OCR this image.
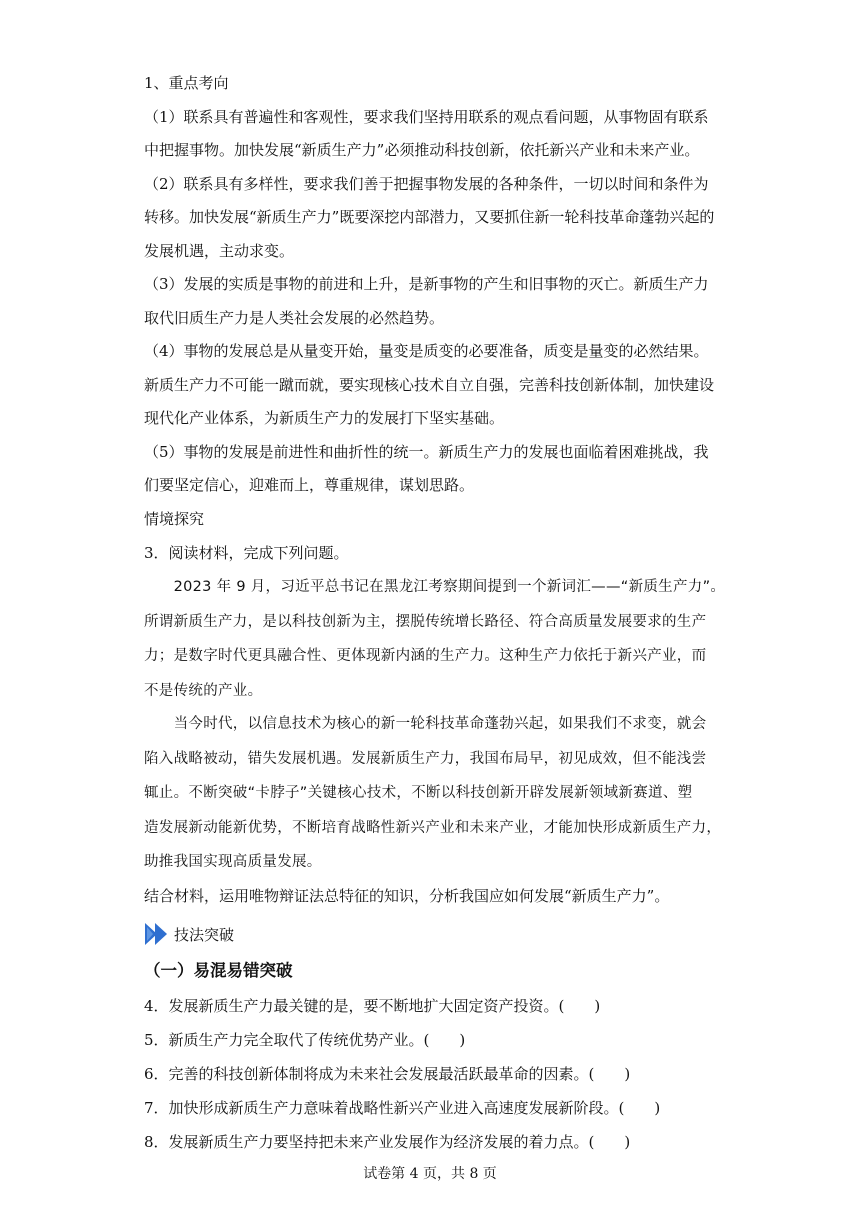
1、重点考向
（1）联系具有普遍性和客观性，要求我们坚持用联系的观点看问题，从事物固有联系
中把握事物。加快发展“新质生产力”必须推动科技创新，依托新兴产业和未来产业。
（2）联系具有多样性，要求我们善于把握事物发展的各种条件，一切以时间和条件为
转移。加快发展“新质生产力”既要深挖内部潜力，又要抓住新一轮科技革命蓬勃兴起的
发展机遇，主动求变。
（3）发展的实质是事物的前进和上升，是新事物的产生和旧事物的灭亡。新质生产力
取代旧质生产力是人类社会发展的必然趋势。
（4）事物的发展总是从量变开始，量变是质变的必要准备，质变是量变的必然结果。
新质生产力不可能一蹴而就，要实现核心技术自立自强，完善科技创新体制，加快建设
现代化产业体系，为新质生产力的发展打下坚实基础。
（5）事物的发展是前进性和曲折性的统一。新质生产力的发展也面临着困难挑战，我
们要坚定信心，迎难而上，尊重规律，谋划思路。
情境探究
3．阅读材料，完成下列问题。
　　2023 年 9 月，习近平总书记在黑龙江考察期间提到一个新词汇——“新质生产力”。
所谓新质生产力，是以科技创新为主，摆脱传统增长路径、符合高质量发展要求的生产
力；是数字时代更具融合性、更体现新内涵的生产力。这种生产力依托于新兴产业，而
不是传统的产业。
　　当今时代，以信息技术为核心的新一轮科技革命蓬勃兴起，如果我们不求变，就会
陷入战略被动，错失发展机遇。发展新质生产力，我国布局早，初见成效，但不能浅尝
辄止。不断突破“卡脖子”关键核心技术，不断以科技创新开辟发展新领域新赛道、塑
造发展新动能新优势，不断培育战略性新兴产业和未来产业，才能加快形成新质生产力，
助推我国实现高质量发展。
结合材料，运用唯物辩证法总特征的知识，分析我国应如何发展“新质生产力”。
技法突破
（一）易混易错突破
4．发展新质生产力最关键的是，要不断地扩大固定资产投资。(　　)
5．新质生产力完全取代了传统优势产业。(　　)
6．完善的科技创新体制将成为未来社会发展最活跃最革命的因素。(　　)
7．加快形成新质生产力意味着战略性新兴产业进入高速度发展新阶段。(　　)
8．发展新质生产力要坚持把未来产业发展作为经济发展的着力点。(　　)
试卷第 4 页，共 8 页
